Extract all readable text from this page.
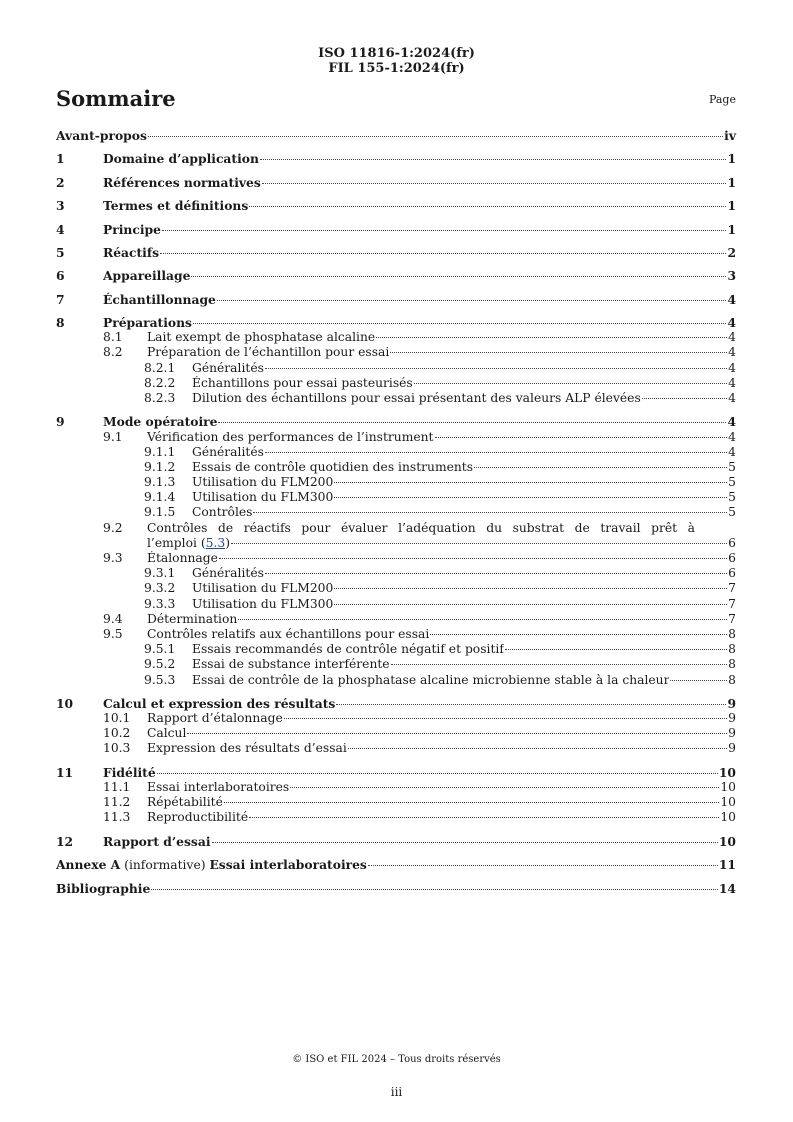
ISO 11816-1:2024(fr)
FIL 155-1:2024(fr)
Sommaire	Page
Avant-propos	iv
1	Domaine d’application	1
2	Références normatives	1
3	Termes et définitions	1
4	Principe	1
5	Réactifs	2
6	Appareillage	3
7	Échantillonnage	4
8	Préparations	4
8.1	Lait exempt de phosphatase alcaline	4
8.2	Préparation de l’échantillon pour essai	4
8.2.1	Généralités	4
8.2.2	Échantillons pour essai pasteurisés	4
8.2.3	Dilution des échantillons pour essai présentant des valeurs ALP élevées	4
9	Mode opératoire	4
9.1	Vérification des performances de l’instrument	4
9.1.1	Généralités	4
9.1.2	Essais de contrôle quotidien des instruments	5
9.1.3	Utilisation du FLM200	5
9.1.4	Utilisation du FLM300	5
9.1.5	Contrôles	5
9.2	Contrôles de réactifs pour évaluer l’adéquation du substrat de travail prêt à
l’emploi (5.3)	6
9.3	Étalonnage	6
9.3.1	Généralités	6
9.3.2	Utilisation du FLM200	7
9.3.3	Utilisation du FLM300	7
9.4	Détermination	7
9.5	Contrôles relatifs aux échantillons pour essai	8
9.5.1	Essais recommandés de contrôle négatif et positif	8
9.5.2	Essai de substance interférente	8
9.5.3	Essai de contrôle de la phosphatase alcaline microbienne stable à la chaleur	8
10	Calcul et expression des résultats	9
10.1	Rapport d’étalonnage	9
10.2	Calcul	9
10.3	Expression des résultats d’essai	9
11	Fidélité	10
11.1	Essai interlaboratoires	10
11.2	Répétabilité	10
11.3	Reproductibilité	10
12	Rapport d’essai	10
Annexe A (informative) Essai interlaboratoires	11
Bibliographie	14
© ISO et FIL 2024 – Tous droits réservés
iii
